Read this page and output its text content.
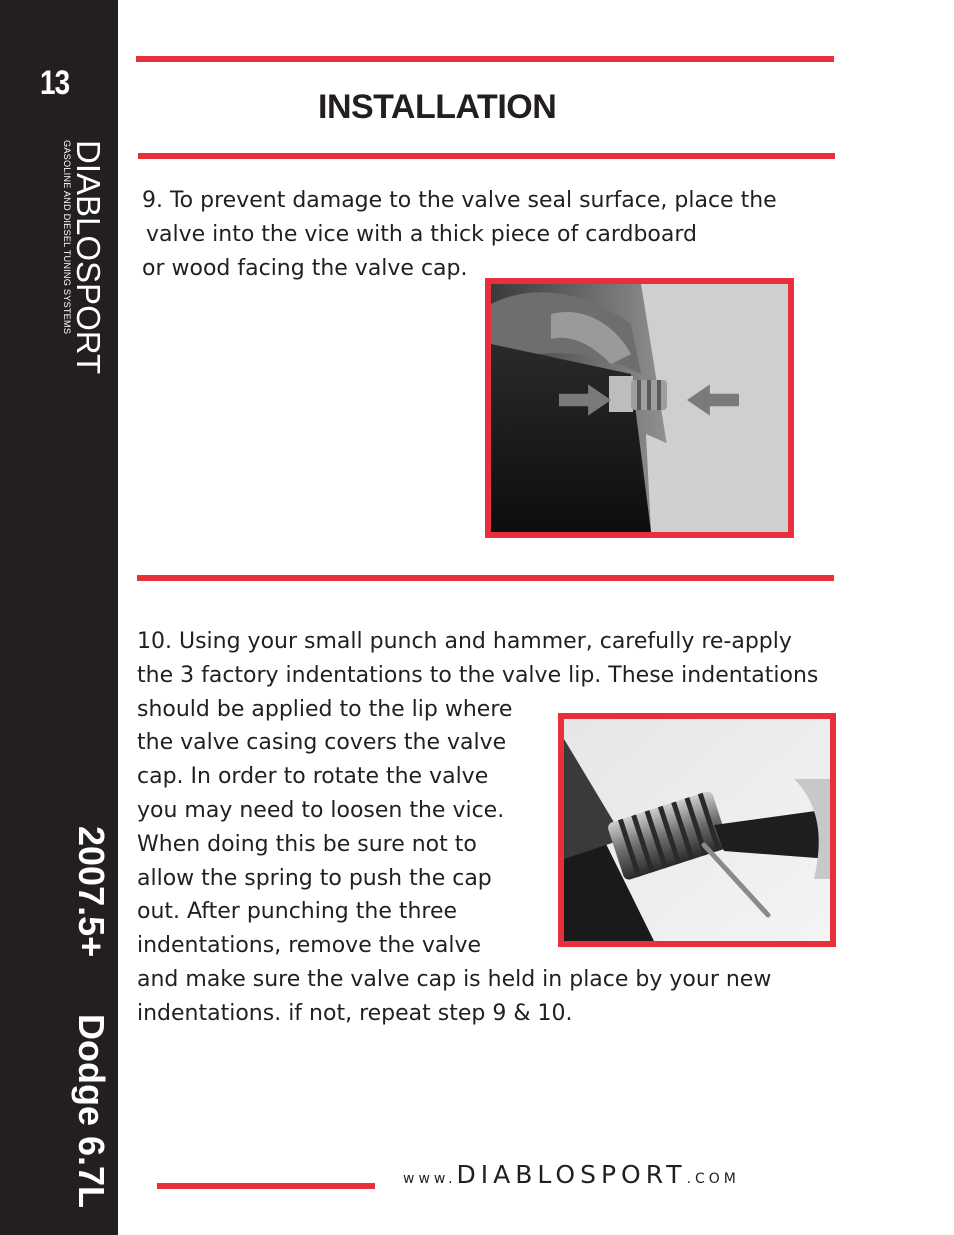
13
DIABLOSPORT
GASOLINE AND DIESEL TUNING SYSTEMS
2007.5+
Dodge 6.7L
INSTALLATION
9. To prevent damage to the valve seal surface, place the
valve into the vice with a thick piece of cardboard
or wood facing the valve cap.
10. Using your small punch and hammer, carefully re-apply
the 3 factory indentations to the valve lip. These indentations
should be applied to the lip where
the valve casing covers the valve
cap. In order to rotate the valve
you may need to loosen the vice.
When doing this be sure not to
allow the spring to push the cap
out. After punching the three
indentations, remove the valve
and make sure the valve cap is held in place by your new
indentations. if not, repeat step 9 & 10.
www.DIABLOSPORT.COM
